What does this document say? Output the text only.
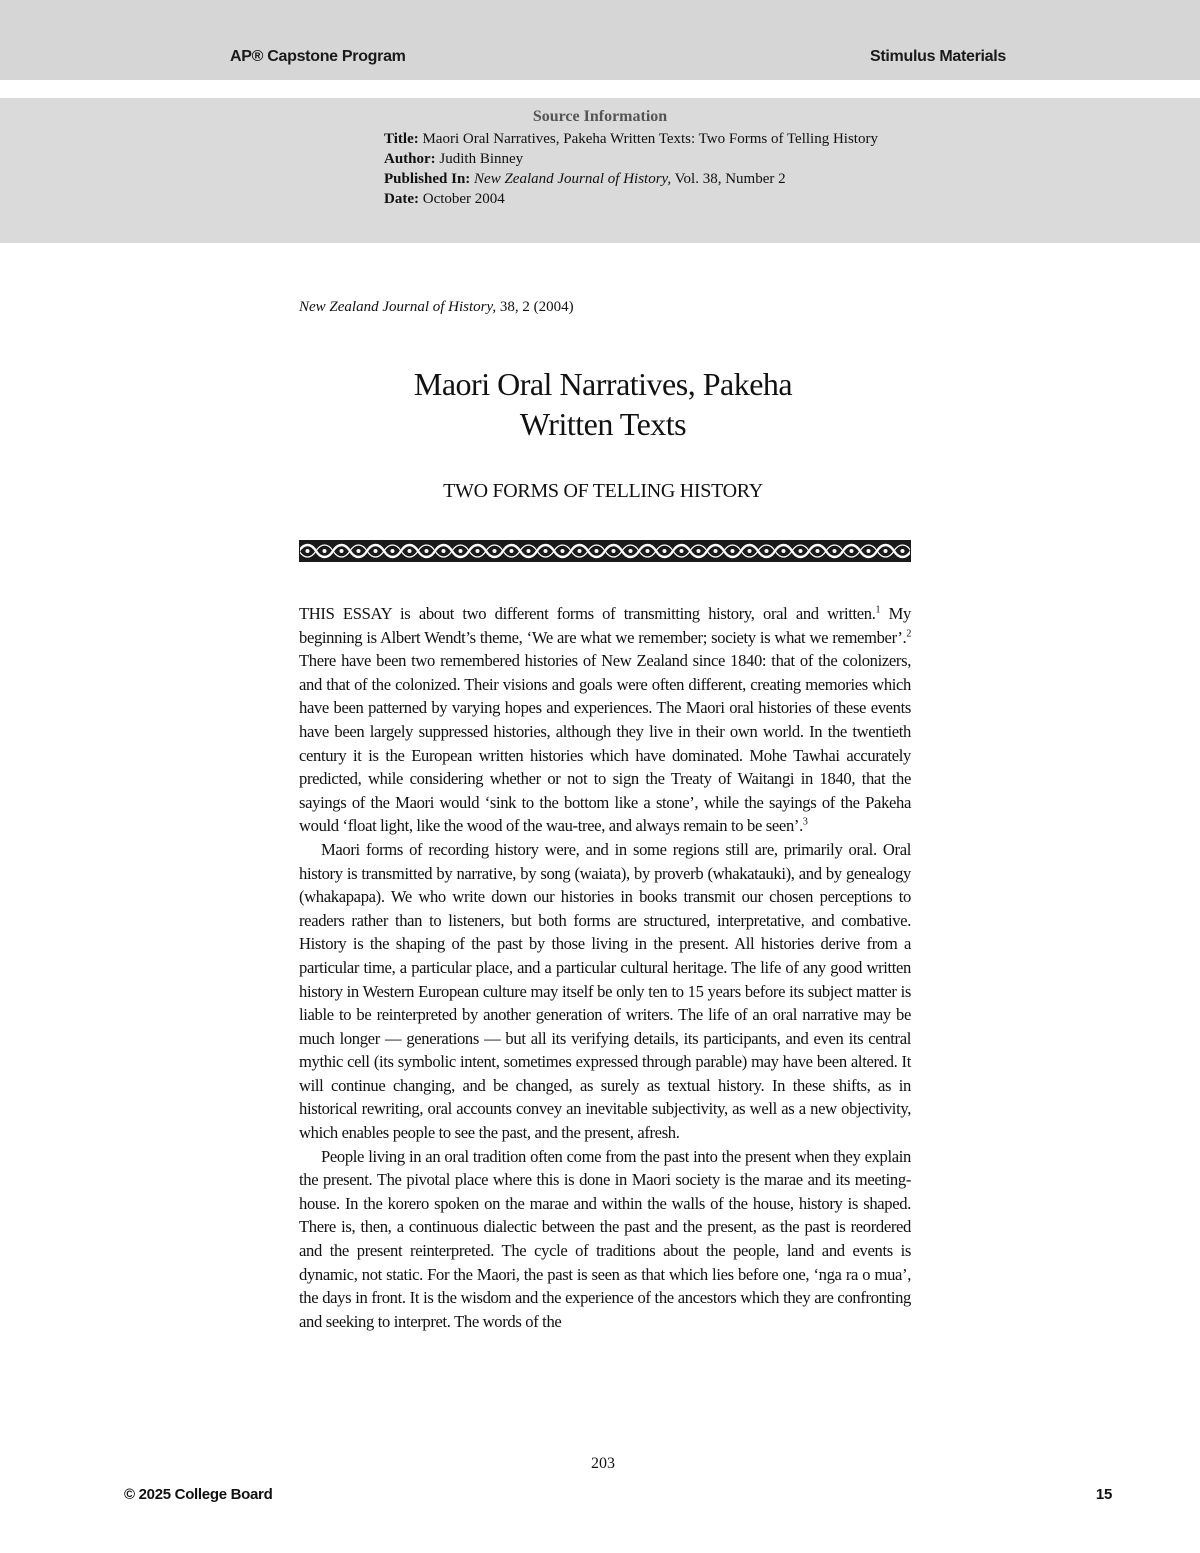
AP® Capstone Program	Stimulus Materials
Source Information
Title: Maori Oral Narratives, Pakeha Written Texts: Two Forms of Telling History
Author: Judith Binney
Published In: New Zealand Journal of History, Vol. 38, Number 2
Date: October 2004
New Zealand Journal of History, 38, 2 (2004)
Maori Oral Narratives, Pakeha
Written Texts
TWO FORMS OF TELLING HISTORY

THIS ESSAY is about two different forms of transmitting history, oral and written.$^1$ My beginning is Albert Wendt’s theme, ‘We are what we remember; society is what we remember’.$^2$ There have been two remembered histories of New Zealand since 1840: that of the colonizers, and that of the colonized. Their visions and goals were often different, creating memories which have been patterned by varying hopes and experiences. The Maori oral histories of these events have been largely suppressed histories, although they live in their own world. In the twentieth century it is the European written histories which have dominated. Mohe Tawhai accurately predicted, while considering whether or not to sign the Treaty of Waitangi in 1840, that the sayings of the Maori would ‘sink to the bottom like a stone’, while the sayings of the Pakeha would ‘float light, like the wood of the wau-tree, and always remain to be seen’.$^3$

Maori forms of recording history were, and in some regions still are, primarily oral. Oral history is transmitted by narrative, by song (waiata), by proverb (whakatauki), and by genealogy (whakapapa). We who write down our histories in books transmit our chosen perceptions to readers rather than to listeners, but both forms are structured, interpretative, and combative. History is the shaping of the past by those living in the present. All histories derive from a particular time, a particular place, and a particular cultural heritage. The life of any good written history in Western European culture may itself be only ten to 15 years before its subject matter is liable to be reinterpreted by another generation of writers. The life of an oral narrative may be much longer — generations — but all its verifying details, its participants, and even its central mythic cell (its symbolic intent, sometimes expressed through parable) may have been altered. It will continue changing, and be changed, as surely as textual history. In these shifts, as in historical rewriting, oral accounts convey an inevitable subjectivity, as well as a new objectivity, which enables people to see the past, and the present, afresh.

People living in an oral tradition often come from the past into the present when they explain the present. The pivotal place where this is done in Maori society is the marae and its meeting-house. In the korero spoken on the marae and within the walls of the house, history is shaped. There is, then, a continuous dialectic between the past and the present, as the past is reordered and the present reinterpreted. The cycle of traditions about the people, land and events is dynamic, not static. For the Maori, the past is seen as that which lies before one, ‘nga ra o mua’, the days in front. It is the wisdom and the experience of the ancestors which they are confronting and seeking to interpret. The words of the

203
© 2025 College Board	15
